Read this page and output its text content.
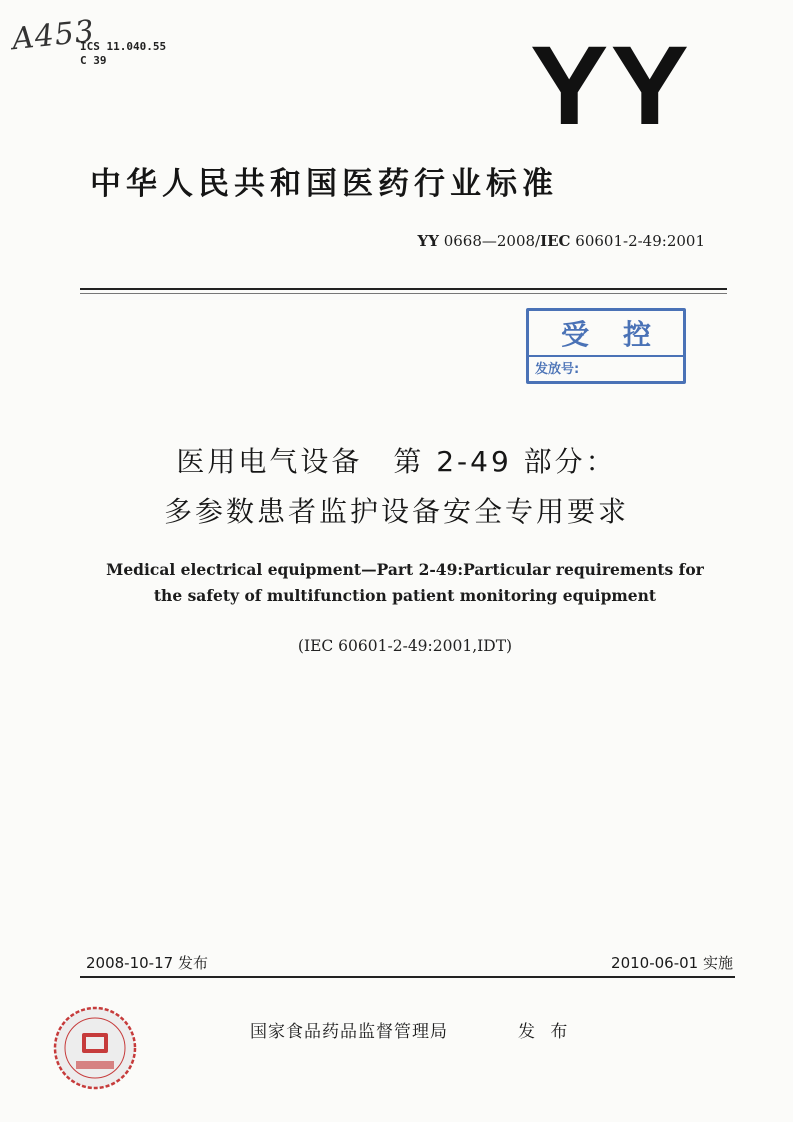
A453
ICS 11.040.55
C 39	YY
中华人民共和国医药行业标准
YY 0668—2008/IEC 60601-2-49:2001
受 控
发放号:
医用电气设备　第 2-49 部分：
多参数患者监护设备安全专用要求
Medical electrical equipment—Part 2-49:Particular requirements for
the safety of multifunction patient monitoring equipment
(IEC 60601-2-49:2001,IDT)
2008-10-17 发布	2010-06-01 实施
国家食品药品监督管理局	发 布
